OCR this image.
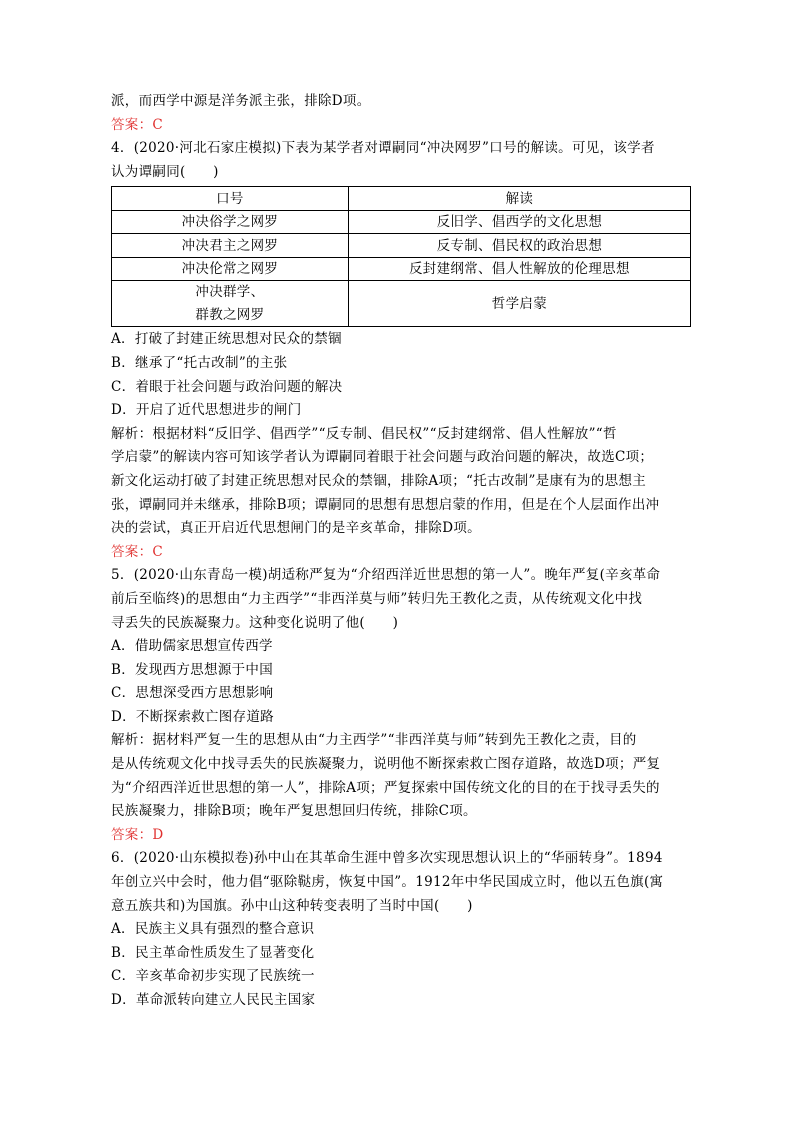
派，而西学中源是洋务派主张，排除D项。
答案：C
4．(2020·河北石家庄模拟)下表为某学者对谭嗣同“冲决网罗”口号的解读。可见，该学者
认为谭嗣同(　　)
口号	解读
冲决俗学之网罗	反旧学、倡西学的文化思想
冲决君主之网罗	反专制、倡民权的政治思想
冲决伦常之网罗	反封建纲常、倡人性解放的伦理思想

冲决群学、
群教之网罗	哲学启蒙
A．打破了封建正统思想对民众的禁锢
B．继承了“托古改制”的主张
C．着眼于社会问题与政治问题的解决
D．开启了近代思想进步的闸门
解析：根据材料“反旧学、倡西学”“反专制、倡民权”“反封建纲常、倡人性解放”“哲
学启蒙”的解读内容可知该学者认为谭嗣同着眼于社会问题与政治问题的解决，故选C项；
新文化运动打破了封建正统思想对民众的禁锢，排除A项；“托古改制”是康有为的思想主
张，谭嗣同并未继承，排除B项；谭嗣同的思想有思想启蒙的作用，但是在个人层面作出冲
决的尝试，真正开启近代思想闸门的是辛亥革命，排除D项。
答案：C
5．(2020·山东青岛一模)胡适称严复为“介绍西洋近世思想的第一人”。晚年严复(辛亥革命
前后至临终)的思想由“力主西学”“非西洋莫与师”转归先王教化之责，从传统观文化中找
寻丢失的民族凝聚力。这种变化说明了他(　　)
A．借助儒家思想宣传西学
B．发现西方思想源于中国
C．思想深受西方思想影响
D．不断探索救亡图存道路
解析：据材料严复一生的思想从由“力主西学”“非西洋莫与师”转到先王教化之责，目的
是从传统观文化中找寻丢失的民族凝聚力，说明他不断探索救亡图存道路，故选D项；严复
为“介绍西洋近世思想的第一人”，排除A项；严复探索中国传统文化的目的在于找寻丢失的
民族凝聚力，排除B项；晚年严复思想回归传统，排除C项。
答案：D
6．(2020·山东模拟卷)孙中山在其革命生涯中曾多次实现思想认识上的“华丽转身”。1894
年创立兴中会时，他力倡“驱除鞑虏，恢复中国”。1912年中华民国成立时，他以五色旗(寓
意五族共和)为国旗。孙中山这种转变表明了当时中国(　　)
A．民族主义具有强烈的整合意识
B．民主革命性质发生了显著变化
C．辛亥革命初步实现了民族统一
D．革命派转向建立人民民主国家
